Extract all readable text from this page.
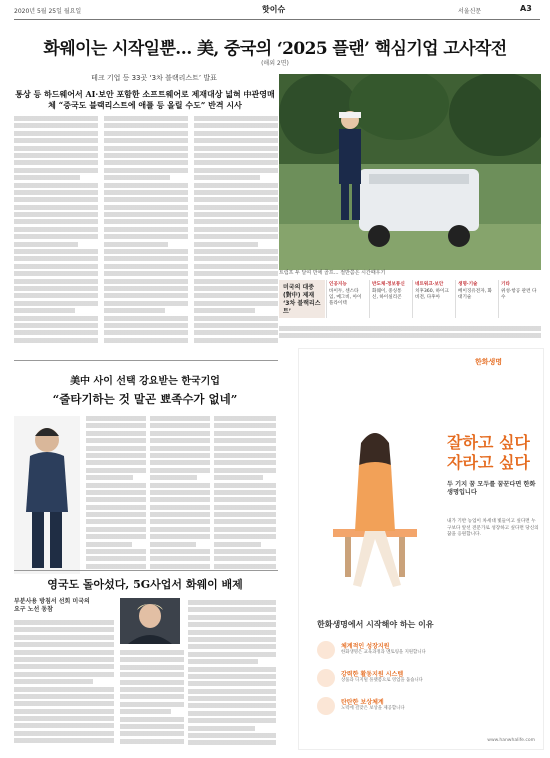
2020년 5월 25일 월요일	핫이슈	서울신문	A3
화웨이는 시작일뿐… 美, 중국의 ‘2025 플랜’ 핵심기업 고사작전
(해외 2면)
테크 기업 등 33곳 ‘3차 블랙리스트’ 발표
통상 등 하드웨어서 AI·보안 포함한 소프트웨어로 제재대상 넓혀 中관영매체 “중국도 블랙리스트에 애플 등 올릴 수도” 반격 시사
트럼프 두 달여 만에 골프… 절반쯤은 시간때우기
미국의 대중(對中) 제재 ‘3차 블랙리스트’
인공지능
바이두, 센스타임, 메그비, 아이플라이텍
반도체·정보통신
화웨이, 중싱통신, 하이실리콘
네트워크·보안
치후360, 하이크비전, 다후아
생명·기술
베이징유전자, 화대기술
기타
위성·항공 관련 다수
美中 사이 선택 강요받는 한국기업
“줄타기하는 것 말곤 뾰족수가 없네”
영국도 돌아섰다, 5G사업서 화웨이 배제
부분사용 방침서 선회 미국의 요구 노선 동참
한화생명
잘하고 싶다
자라고 싶다
두 기지 꿈 모두를 꿈꾼다면 한화생명입니다
내가 기반 농업이 차세대 빛들이고 싶다면 누구보다 앞선 전문가로 성장하고 싶다면 당신의 꿈을 응원합니다.
한화생명에서 시작해야 하는 이유
체계적인 성장지원
한화생명은 교육과정과 멘토링을 지원합니다
강력한 활동지원 시스템
상품과 디지털 플랫폼으로 영업을 돕습니다
탄탄한 보상체계
노력에 걸맞은 보상을 제공합니다
www.hanwhalife.com
